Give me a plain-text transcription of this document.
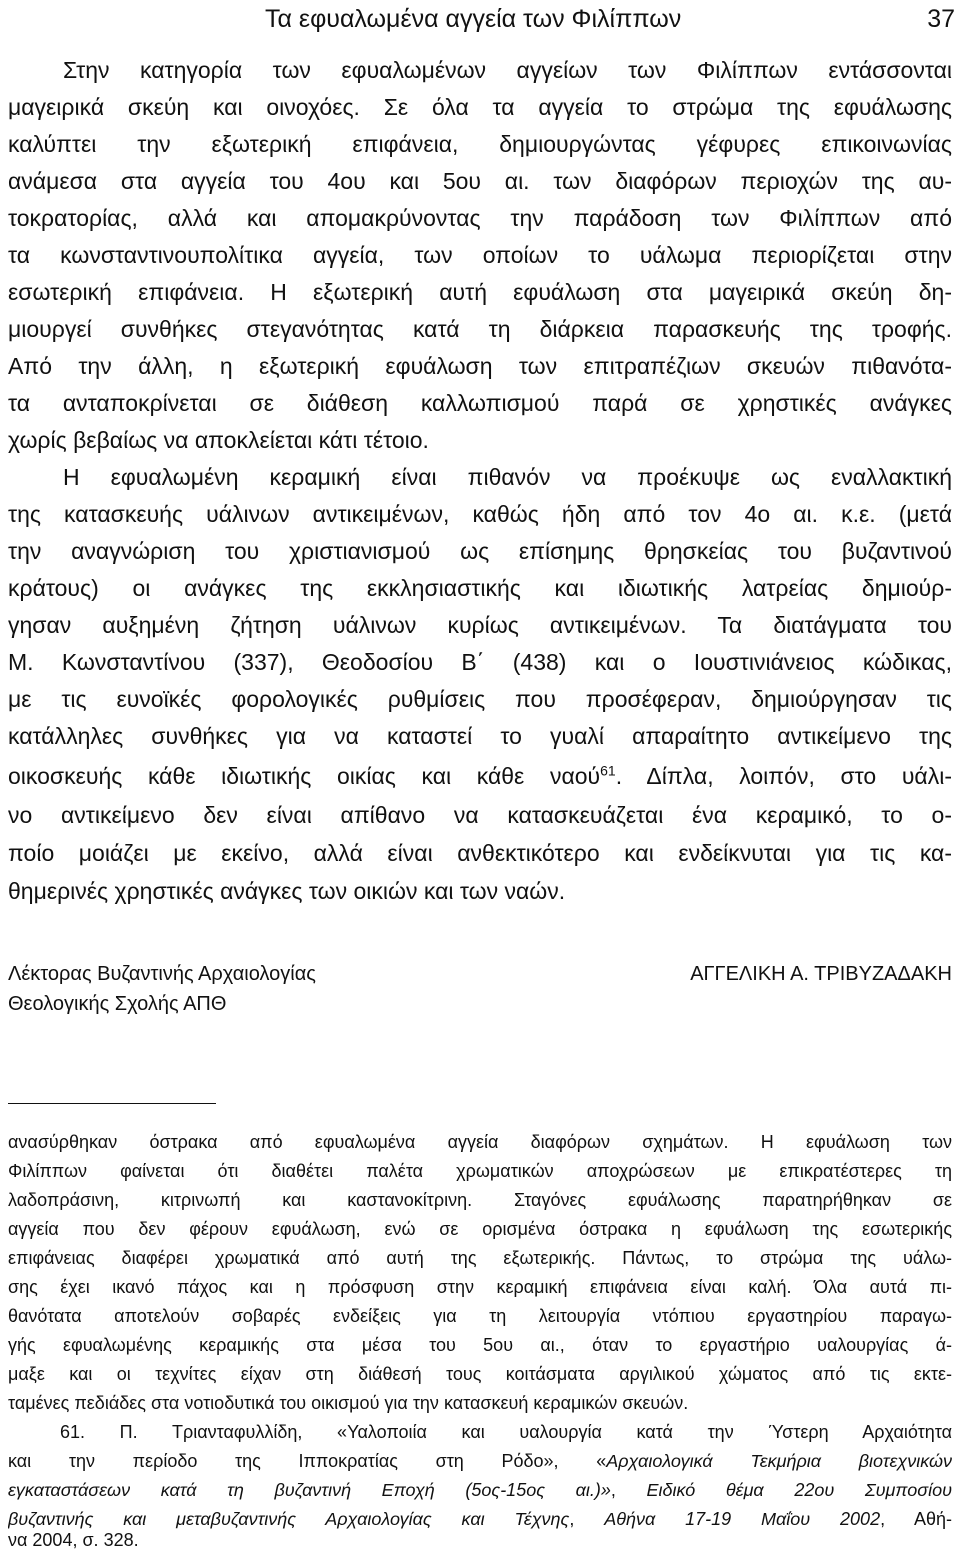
Τα εφυαλωμένα αγγεία των Φιλίππων	37
Στην κατηγορία των εφυαλωμένων αγγείων των Φιλίππων εντάσσονται
μαγειρικά σκεύη και οινοχόες. Σε όλα τα αγγεία το στρώμα της εφυάλωσης
καλύπτει την εξωτερική επιφάνεια, δημιουργώντας γέφυρες επικοινωνίας
ανάμεσα στα αγγεία του 4ου και 5ου αι. των διαφόρων περιοχών της αυ-
τοκρατορίας, αλλά και απομακρύνοντας την παράδοση των Φιλίππων από
τα κωνσταντινουπολίτικα αγγεία, των οποίων το υάλωμα περιορίζεται στην
εσωτερική επιφάνεια. Η εξωτερική αυτή εφυάλωση στα μαγειρικά σκεύη δη-
μιουργεί συνθήκες στεγανότητας κατά τη διάρκεια παρασκευής της τροφής.
Από την άλλη, η εξωτερική εφυάλωση των επιτραπέζιων σκευών πιθανότα-
τα ανταποκρίνεται σε διάθεση καλλωπισμού παρά σε χρηστικές ανάγκες
χωρίς βεβαίως να αποκλείεται κάτι τέτοιο.
Η εφυαλωμένη κεραμική είναι πιθανόν να προέκυψε ως εναλλακτική
της κατασκευής υάλινων αντικειμένων, καθώς ήδη από τον 4ο αι. κ.ε. (μετά
την αναγνώριση του χριστιανισμού ως επίσημης θρησκείας του βυζαντινού
κράτους) οι ανάγκες της εκκλησιαστικής και ιδιωτικής λατρείας δημιούρ-
γησαν αυξημένη ζήτηση υάλινων κυρίως αντικειμένων. Τα διατάγματα του
Μ. Κωνσταντίνου (337), Θεοδοσίου Β΄ (438) και ο Ιουστινιάνειος κώδικας,
με τις ευνοϊκές φορολογικές ρυθμίσεις που προσέφεραν, δημιούργησαν τις
κατάλληλες συνθήκες για να καταστεί το γυαλί απαραίτητο αντικείμενο της
οικοσκευής κάθε ιδιωτικής οικίας και κάθε ναού$^{61}$. Δίπλα, λοιπόν, στο υάλι-
νο αντικείμενο δεν είναι απίθανο να κατασκευάζεται ένα κεραμικό, το ο-
ποίο μοιάζει με εκείνο, αλλά είναι ανθεκτικότερο και ενδείκνυται για τις κα-
θημερινές χρηστικές ανάγκες των οικιών και των ναών.
Λέκτορας Βυζαντινής Αρχαιολογίας
Θεολογικής Σχολής ΑΠΘ
ΑΓΓΕΛΙΚΗ Α. ΤΡΙΒΥΖΑΔΑΚΗ
ανασύρθηκαν όστρακα από εφυαλωμένα αγγεία διαφόρων σχημάτων. Η εφυάλωση των
Φιλίππων φαίνεται ότι διαθέτει παλέτα χρωματικών αποχρώσεων με επικρατέστερες τη
λαδοπράσινη, κιτρινωπή και καστανοκίτρινη. Σταγόνες εφυάλωσης παρατηρήθηκαν σε
αγγεία που δεν φέρουν εφυάλωση, ενώ σε ορισμένα όστρακα η εφυάλωση της εσωτερικής
επιφάνειας διαφέρει χρωματικά από αυτή της εξωτερικής. Πάντως, το στρώμα της υάλω-
σης έχει ικανό πάχος και η πρόσφυση στην κεραμική επιφάνεια είναι καλή. Όλα αυτά πι-
θανότατα αποτελούν σοβαρές ενδείξεις για τη λειτουργία ντόπιου εργαστηρίου παραγω-
γής εφυαλωμένης κεραμικής στα μέσα του 5ου αι., όταν το εργαστήριο υαλουργίας ά-
μαξε και οι τεχνίτες είχαν στη διάθεσή τους κοιτάσματα αργιλικού χώματος από τις εκτε-
ταμένες πεδιάδες στα νοτιοδυτικά του οικισμού για την κατασκευή κεραμικών σκευών.
61. Π. Τριανταφυλλίδη, «Υαλοποιία και υαλουργία κατά την Ύστερη Αρχαιότητα
και την περίοδο της Ιπποκρατίας στη Ρόδο», «Αρχαιολογικά Τεκμήρια βιοτεχνικών
εγκαταστάσεων κατά τη βυζαντινή Εποχή (5ος-15ος αι.)», Ειδικό θέμα 22ου Συμποσίου
βυζαντινής και μεταβυζαντινής Αρχαιολογίας και Τέχνης, Αθήνα 17-19 Μαΐου 2002, Αθή-
να 2004, σ. 328.
